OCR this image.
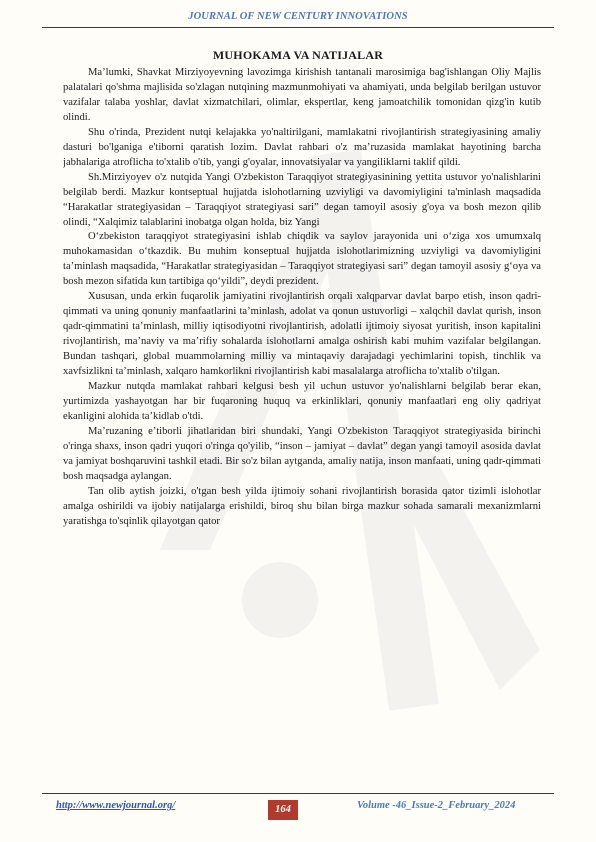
JOURNAL OF NEW CENTURY INNOVATIONS
MUHOKAMA VA NATIJALAR

Ma’lumki, Shavkat Mirziyoyevning lavozimga kirishish tantanali marosimiga bag'ishlangan Oliy Majlis palatalari qo'shma majlisida so'zlagan nutqining mazmunmohiyati va ahamiyati, unda belgilab berilgan ustuvor vazifalar talaba yoshlar, davlat xizmatchilari, olimlar, ekspertlar, keng jamoatchilik tomonidan qizg'in kutib olindi.

Shu o'rinda, Prezident nutqi kelajakka yo'naltirilgani, mamlakatni rivojlantirish strategiyasining amaliy dasturi bo'lganiga e'tiborni qaratish lozim. Davlat rahbari o'z ma’ruzasida mamlakat hayotining barcha jabhalariga atroflicha to'xtalib o'tib, yangi g'oyalar, innovatsiyalar va yangiliklarni taklif qildi.

Sh.Mirziyoyev o'z nutqida Yangi O'zbekiston Taraqqiyot strategiyasinining yettita ustuvor yo'nalishlarini belgilab berdi. Mazkur kontseptual hujjatda islohotlarning uzviyligi va davomiyligini ta'minlash maqsadida “Harakatlar strategiyasidan – Taraqqiyot strategiyasi sari” degan tamoyil asosiy g'oya va bosh mezon qilib olindi, “Xalqimiz talablarini inobatga olgan holda, biz Yangi

O‘zbekiston taraqqiyot strategiyasini ishlab chiqdik va saylov jarayonida uni o‘ziga xos umumxalq muhokamasidan o‘tkazdik. Bu muhim konseptual hujjatda islohotlarimizning uzviyligi va davomiyligini ta’minlash maqsadida, “Harakatlar strategiyasidan – Taraqqiyot strategiyasi sari” degan tamoyil asosiy g‘oya va bosh mezon sifatida kun tartibiga qo‘yildi”, deydi prezident.

Xususan, unda erkin fuqarolik jamiyatini rivojlantirish orqali xalqparvar davlat barpo etish, inson qadri-qimmati va uning qonuniy manfaatlarini ta’minlash, adolat va qonun ustuvorligi – xalqchil davlat qurish, inson qadr-qimmatini ta’minlash, milliy iqtisodiyotni rivojlantirish, adolatli ijtimoiy siyosat yuritish, inson kapitalini rivojlantirish, ma’naviy va ma’rifiy sohalarda islohotlarni amalga oshirish kabi muhim vazifalar belgilangan. Bundan tashqari, global muammolarning milliy va mintaqaviy darajadagi yechimlarini topish, tinchlik va xavfsizlikni ta’minlash, xalqaro hamkorlikni rivojlantirish kabi masalalarga atroflicha to'xtalib o'tilgan.

Mazkur nutqda mamlakat rahbari kelgusi besh yil uchun ustuvor yo'nalishlarni belgilab berar ekan, yurtimizda yashayotgan har bir fuqaroning huquq va erkinliklari, qonuniy manfaatlari eng oliy qadriyat ekanligini alohida ta’kidlab o'tdi.

Ma’ruzaning e’tiborli jihatlaridan biri shundaki, Yangi O'zbekiston Taraqqiyot strategiyasida birinchi o'ringa shaxs, inson qadri yuqori o'ringa qo'yilib, “inson – jamiyat – davlat” degan yangi tamoyil asosida davlat va jamiyat boshqaruvini tashkil etadi. Bir so'z bilan aytganda, amaliy natija, inson manfaati, uning qadr-qimmati bosh maqsadga aylangan.

Tan olib aytish joizki, o'tgan besh yilda ijtimoiy sohani rivojlantirish borasida qator tizimli islohotlar amalga oshirildi va ijobiy natijalarga erishildi, biroq shu bilan birga mazkur sohada samarali mexanizmlarni yaratishga to'sqinlik qilayotgan qator

http://www.newjournal.org/	164	Volume -46_Issue-2_February_2024
